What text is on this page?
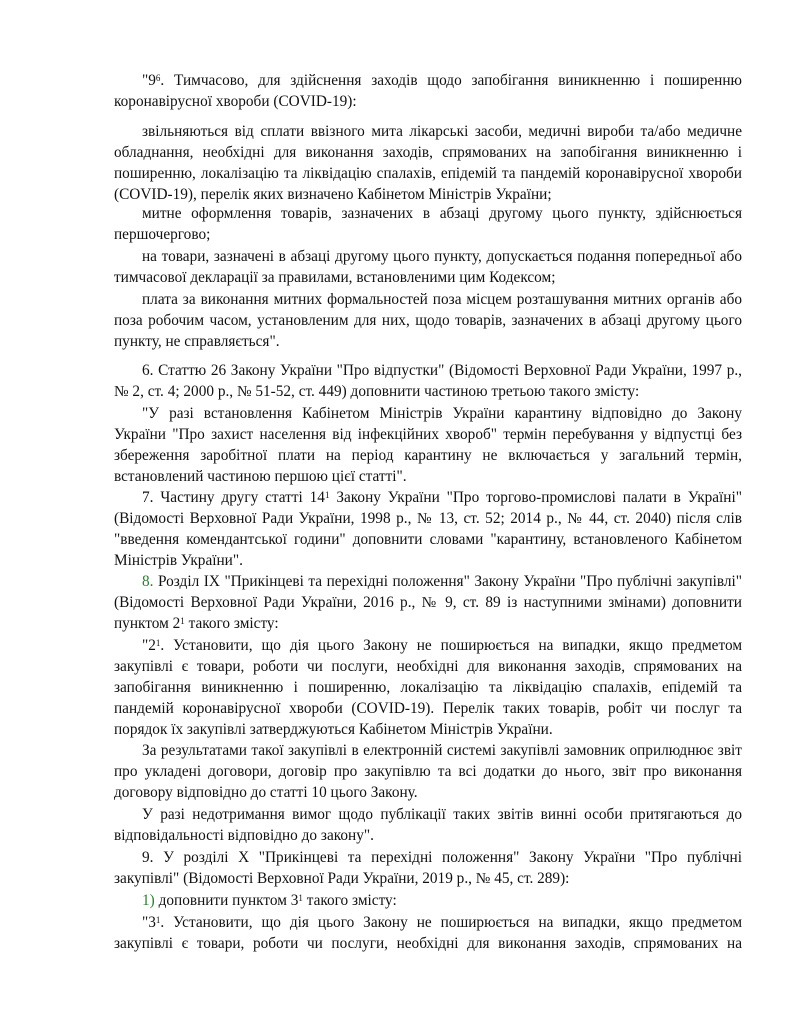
"$9^6$. Тимчасово, для здійснення заходів щодо запобігання виникненню і поширенню
коронавірусної хвороби (COVID-19):

звільняються від сплати ввізного мита лікарські засоби, медичні вироби та/або медичне
обладнання, необхідні для виконання заходів, спрямованих на запобігання виникненню і
поширенню, локалізацію та ліквідацію спалахів, епідемій та пандемій коронавірусної хвороби
(COVID-19), перелік яких визначено Кабінетом Міністрів України;

митне оформлення товарів, зазначених в абзаці другому цього пункту, здійснюється
першочергово;

на товари, зазначені в абзаці другому цього пункту, допускається подання попередньої або
тимчасової декларації за правилами, встановленими цим Кодексом;

плата за виконання митних формальностей поза місцем розташування митних органів або
поза робочим часом, установленим для них, щодо товарів, зазначених в абзаці другому цього
пункту, не справляється".

6. Статтю 26 Закону України "Про відпустки" (Відомості Верховної Ради України, 1997 р.,
№ 2, ст. 4; 2000 р., № 51-52, ст. 449) доповнити частиною третьою такого змісту:

"У разі встановлення Кабінетом Міністрів України карантину відповідно до Закону
України "Про захист населення від інфекційних хвороб" термін перебування у відпустці без
збереження заробітної плати на період карантину не включається у загальний термін,
встановлений частиною першою цієї статті".

7. Частину другу статті $14^1$ Закону України "Про торгово-промислові палати в Україні"
(Відомості Верховної Ради України, 1998 р., № 13, ст. 52; 2014 р., № 44, ст. 2040) після слів
"введення комендантської години" доповнити словами "карантину, встановленого Кабінетом
Міністрів України".

8. Розділ IX "Прикінцеві та перехідні положення" Закону України "Про публічні закупівлі"
(Відомості Верховної Ради України, 2016 р., № 9, ст. 89 із наступними змінами) доповнити
пунктом $2^1$ такого змісту:

"$2^1$. Установити, що дія цього Закону не поширюється на випадки, якщо предметом
закупівлі є товари, роботи чи послуги, необхідні для виконання заходів, спрямованих на
запобігання виникненню і поширенню, локалізацію та ліквідацію спалахів, епідемій та
пандемій коронавірусної хвороби (COVID-19). Перелік таких товарів, робіт чи послуг та
порядок їх закупівлі затверджуються Кабінетом Міністрів України.

За результатами такої закупівлі в електронній системі закупівлі замовник оприлюднює звіт
про укладені договори, договір про закупівлю та всі додатки до нього, звіт про виконання
договору відповідно до статті 10 цього Закону.

У разі недотримання вимог щодо публікації таких звітів винні особи притягаються до
відповідальності відповідно до закону".

9. У розділі X "Прикінцеві та перехідні положення" Закону України "Про публічні
закупівлі" (Відомості Верховної Ради України, 2019 р., № 45, ст. 289):

1) доповнити пунктом $3^1$ такого змісту:

"$3^1$. Установити, що дія цього Закону не поширюється на випадки, якщо предметом
закупівлі є товари, роботи чи послуги, необхідні для виконання заходів, спрямованих на
